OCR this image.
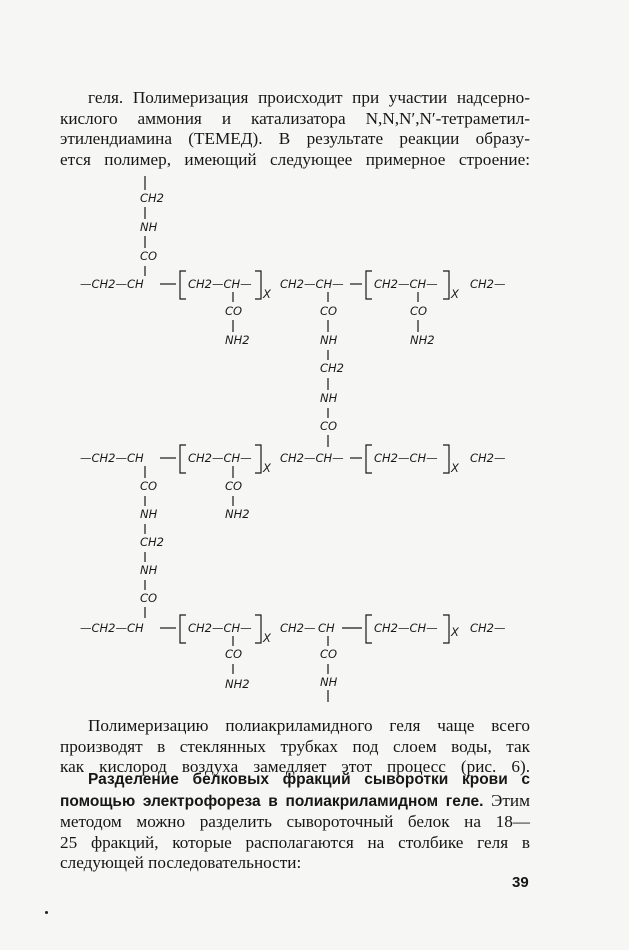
геля. Полимеризация происходит при участии надсерно-
кислого аммония и катализатора N,N,N′,N′-тетраметил-
этилендиамина (ТЕМЕД). В результате реакции образу-
ется полимер, имеющий следующее примерное строение:
CH2
NH
CO
—CH2—CH	CH2—CH—
X
CO
NH2
CH2—CH—
CO
NH
CH2
NH
CO
CH2—CH—
X
CO
NH2
CH2—
—CH2—CH	CH2—CH—
X
CO
NH
CH2
NH
CO
CO
NH2
CH2—CH—	CH2—CH—
X
CH2—
—CH2—CH	CH2—CH—
X
CO
NH2
CH2— CH
CO
NH
CH2—CH— X CH2—
Полимеризацию полиакриламидного геля чаще всего
производят в стеклянных трубках под слоем воды, так
как кислород воздуха замедляет этот процесс (рис. 6).
Разделение белковых фракций сыворотки крови с
помощью электрофореза в полиакриламидном геле. Этим
методом можно разделить сывороточный белок на 18—
25 фракций, которые располагаются на столбике геля в
следующей последовательности:

39
